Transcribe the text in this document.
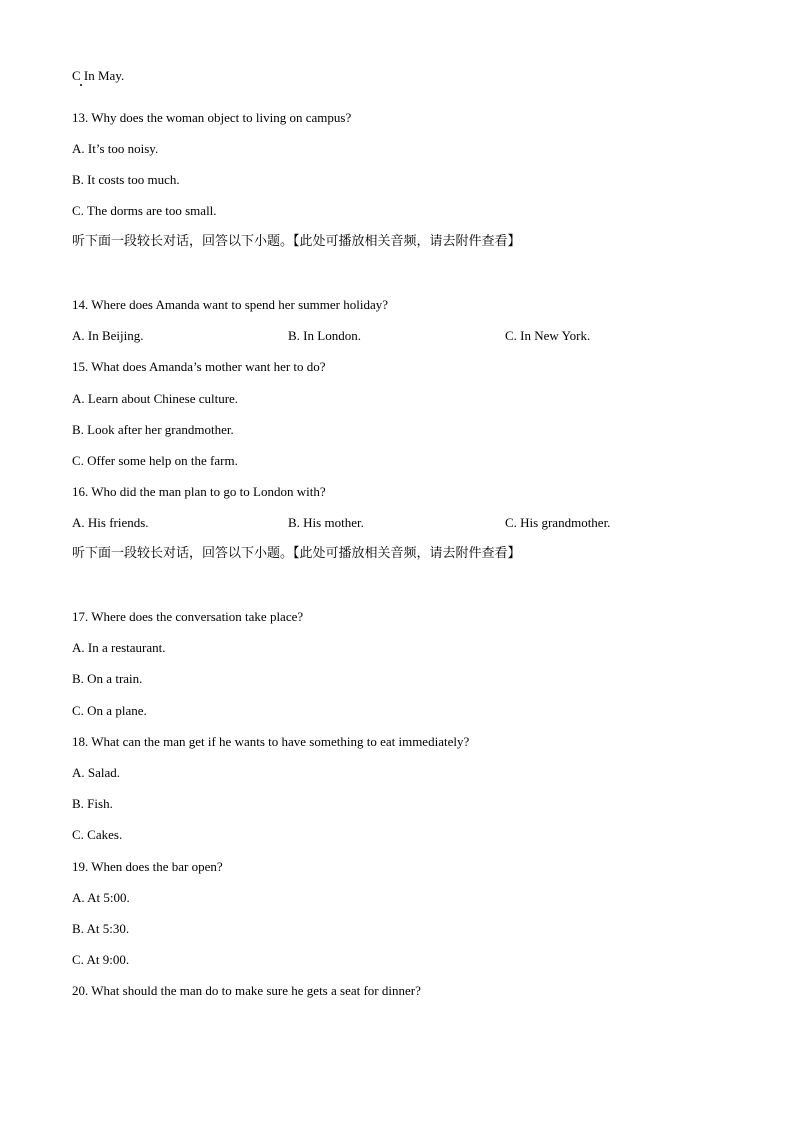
C In May.
13. Why does the woman object to living on campus?
A. It’s too noisy.
B. It costs too much.
C. The dorms are too small.
听下面一段较长对话，回答以下小题。【此处可播放相关音频，请去附件查看】
14. Where does Amanda want to spend her summer holiday?
A. In Beijing.	B. In London.	C. In New York.
15. What does Amanda’s mother want her to do?
A. Learn about Chinese culture.
B. Look after her grandmother.
C. Offer some help on the farm.
16. Who did the man plan to go to London with?
A. His friends.	B. His mother.	C. His grandmother.
听下面一段较长对话，回答以下小题。【此处可播放相关音频，请去附件查看】
17. Where does the conversation take place?
A. In a restaurant.
B. On a train.
C. On a plane.
18. What can the man get if he wants to have something to eat immediately?
A. Salad.
B. Fish.
C. Cakes.
19. When does the bar open?
A. At 5:00.
B. At 5:30.
C. At 9:00.
20. What should the man do to make sure he gets a seat for dinner?
